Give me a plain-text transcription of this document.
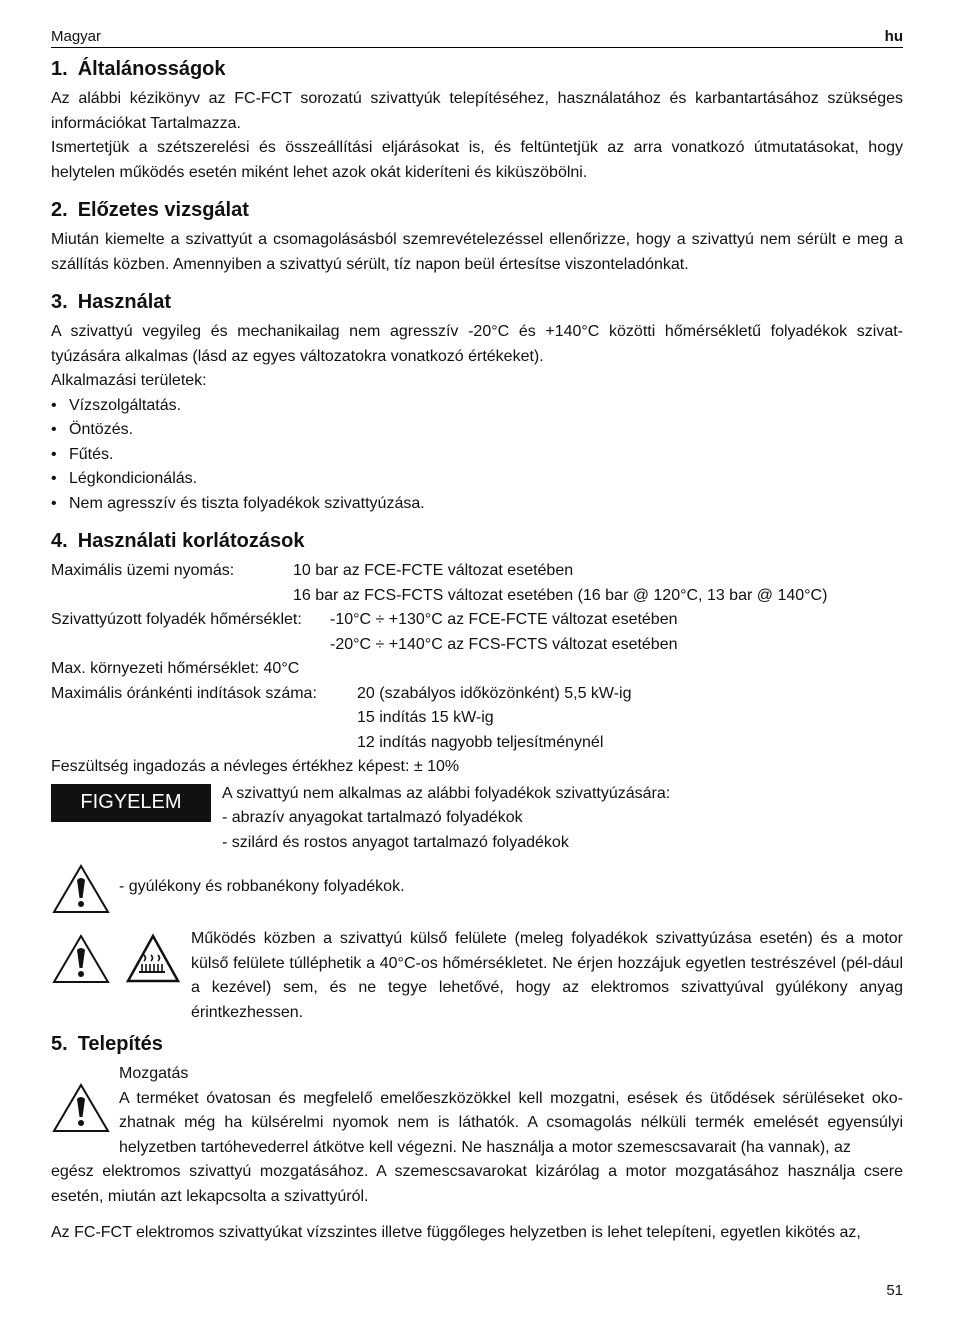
Magyar	hu
1. Általánosságok

Az alábbi kézikönyv az FC-FCT sorozatú szivattyúk telepítéséhez, használatához és karbantartásához szükséges információkat Tartalmazza.

Ismertetjük a szétszerelési és összeállítási eljárásokat is, és feltüntetjük az arra vonatkozó útmutatásokat, hogy helytelen működés esetén miként lehet azok okát kideríteni és kiküszöbölni.

2. Előzetes vizsgálat

Miután kiemelte a szivattyút a csomagolásásból szemrevételezéssel ellenőrizze, hogy a szivattyú nem sérült e meg a szállítás közben. Amennyiben a szivattyú sérült, tíz napon beül értesítse viszonteladónkat.

3. Használat

A szivattyú vegyileg és mechanikailag nem agresszív -20°C és +140°C közötti hőmérsékletű folyadékok szivat-tyúzására alkalmas (lásd az egyes változatokra vonatkozó értékeket).

Alkalmazási területek:
• Vízszolgáltatás.
• Öntözés.
• Fűtés.
• Légkondicionálás.
• Nem agresszív és tiszta folyadékok szivattyúzása.
4. Használati korlátozások
Maximális üzemi nyomás:	10 bar az FCE-FCTE változat esetében
16 bar az FCS-FCTS változat esetében (16 bar @ 120°C, 13 bar @ 140°C)
Szivattyúzott folyadék hőmérséklet:	-10°C ÷ +130°C az FCE-FCTE változat esetében
-20°C ÷ +140°C az FCS-FCTS változat esetében
Max. környezeti hőmérséklet: 40°C
Maximális óránkénti indítások száma:	20 (szabályos időközönként) 5,5 kW-ig
15 indítás 15 kW-ig
12 indítás nagyobb teljesítménynél
Feszültség ingadozás a névleges értékhez képest: ± 10%
FIGYELEM	A szivattyú nem alkalmas az alábbi folyadékok szivattyúzására:
- abrazív anyagokat tartalmazó folyadékok
- szilárd és rostos anyagot tartalmazó folyadékok
- gyúlékony és robbanékony folyadékok.

Működés közben a szivattyú külső felülete (meleg folyadékok szivattyúzása esetén) és a motor külső felülete túlléphetik a 40°C-os hőmérsékletet. Ne érjen hozzájuk egyetlen testrészével (pél-dául a kezével) sem, és ne tegye lehetővé, hogy az elektromos szivattyúval gyúlékony anyag érintkezhessen.

5. Telepítés
Mozgatás

A terméket óvatosan és megfelelő emelőeszközökkel kell mozgatni, esések és ütődések sérüléseket oko-zhatnak még ha külsérelmi nyomok nem is láthatók. A csomagolás nélküli termék emelését egyensúlyi helyzetben tartóhevederrel átkötve kell végezni. Ne használja a motor szemescsavarait (ha vannak), az

egész elektromos szivattyú mozgatásához. A szemescsavarokat kizárólag a motor mozgatásához használja csere esetén, miután azt lekapcsolta a szivattyúról.

Az FC-FCT elektromos szivattyúkat vízszintes illetve függőleges helyzetben is lehet telepíteni, egyetlen kikötés az,

51
